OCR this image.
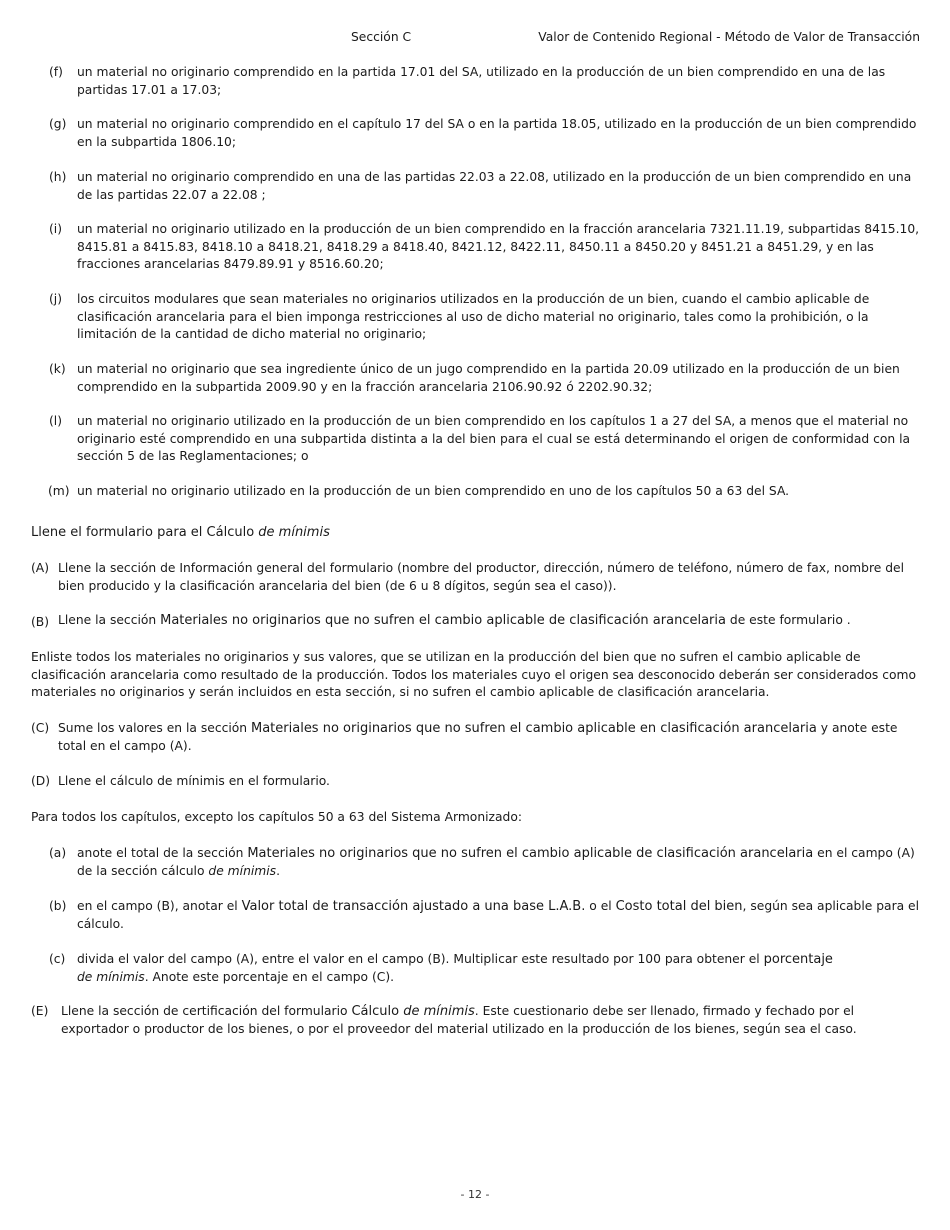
Sección C	Valor de Contenido Regional - Método de Valor de Transacción
(f) un material no originario comprendido en la partida 17.01 del SA, utilizado en la producción de un bien comprendido en una de las partidas 17.01 a 17.03;
(g) un material no originario comprendido en el capítulo 17 del SA o en la partida 18.05, utilizado en la producción de un bien comprendido en la subpartida 1806.10;
(h) un material no originario comprendido en una de las partidas 22.03 a 22.08, utilizado en la producción de un bien comprendido en una de las partidas 22.07 a 22.08 ;
(i) un material no originario utilizado en la producción de un bien comprendido en la fracción arancelaria 7321.11.19, subpartidas 8415.10, 8415.81 a 8415.83, 8418.10 a 8418.21, 8418.29 a 8418.40, 8421.12, 8422.11, 8450.11 a 8450.20 y 8451.21 a 8451.29, y en las fracciones arancelarias 8479.89.91 y 8516.60.20;
(j) los circuitos modulares que sean materiales no originarios utilizados en la producción de un bien, cuando el cambio aplicable de clasificación arancelaria para el bien imponga restricciones al uso de dicho material no originario, tales como la prohibición, o la limitación de la cantidad de dicho material no originario;
(k) un material no originario que sea ingrediente único de un jugo comprendido en la partida 20.09 utilizado en la producción de un bien comprendido en la subpartida 2009.90 y en la fracción arancelaria 2106.90.92 ó 2202.90.32;
(l) un material no originario utilizado en la producción de un bien comprendido en los capítulos 1 a 27 del SA, a menos que el material no originario esté comprendido en una subpartida distinta a la del bien para el cual se está determinando el origen de conformidad con la sección 5 de las Reglamentaciones; o
(m) un material no originario utilizado en la producción de un bien comprendido en uno de los capítulos 50 a 63 del SA.
Llene el formulario para el Cálculo de mínimis
(A) Llene la sección de Información general del formulario (nombre del productor, dirección, número de teléfono, número de fax, nombre del bien producido y la clasificación arancelaria del bien (de 6 u 8 dígitos, según sea el caso)).
(B) Llene la sección Materiales no originarios que no sufren el cambio aplicable de clasificación arancelaria de este formulario .
Enliste todos los materiales no originarios y sus valores, que se utilizan en la producción del bien que no sufren el cambio aplicable de clasificación arancelaria como resultado de la producción. Todos los materiales cuyo el origen sea desconocido deberán ser considerados como materiales no originarios y serán incluidos en esta sección, si no sufren el cambio aplicable de clasificación arancelaria.
(C) Sume los valores en la sección Materiales no originarios que no sufren el cambio aplicable en clasificación arancelaria y anote este total en el campo (A).
(D) Llene el cálculo de mínimis en el formulario.
Para todos los capítulos, excepto los capítulos 50 a 63 del Sistema Armonizado:
(a) anote el total de la sección Materiales no originarios que no sufren el cambio aplicable de clasificación arancelaria en el campo (A) de la sección cálculo de mínimis.
(b) en el campo (B), anotar el Valor total de transacción ajustado a una base L.A.B. o el Costo total del bien, según sea aplicable para el cálculo.
(c) divida el valor del campo (A), entre el valor en el campo (B). Multiplicar este resultado por 100 para obtener el porcentaje
de mínimis. Anote este porcentaje en el campo (C).
(E) Llene la sección de certificación del formulario Cálculo de mínimis. Este cuestionario debe ser llenado, firmado y fechado por el exportador o productor de los bienes, o por el proveedor del material utilizado en la producción de los bienes, según sea el caso.
- 12 -
